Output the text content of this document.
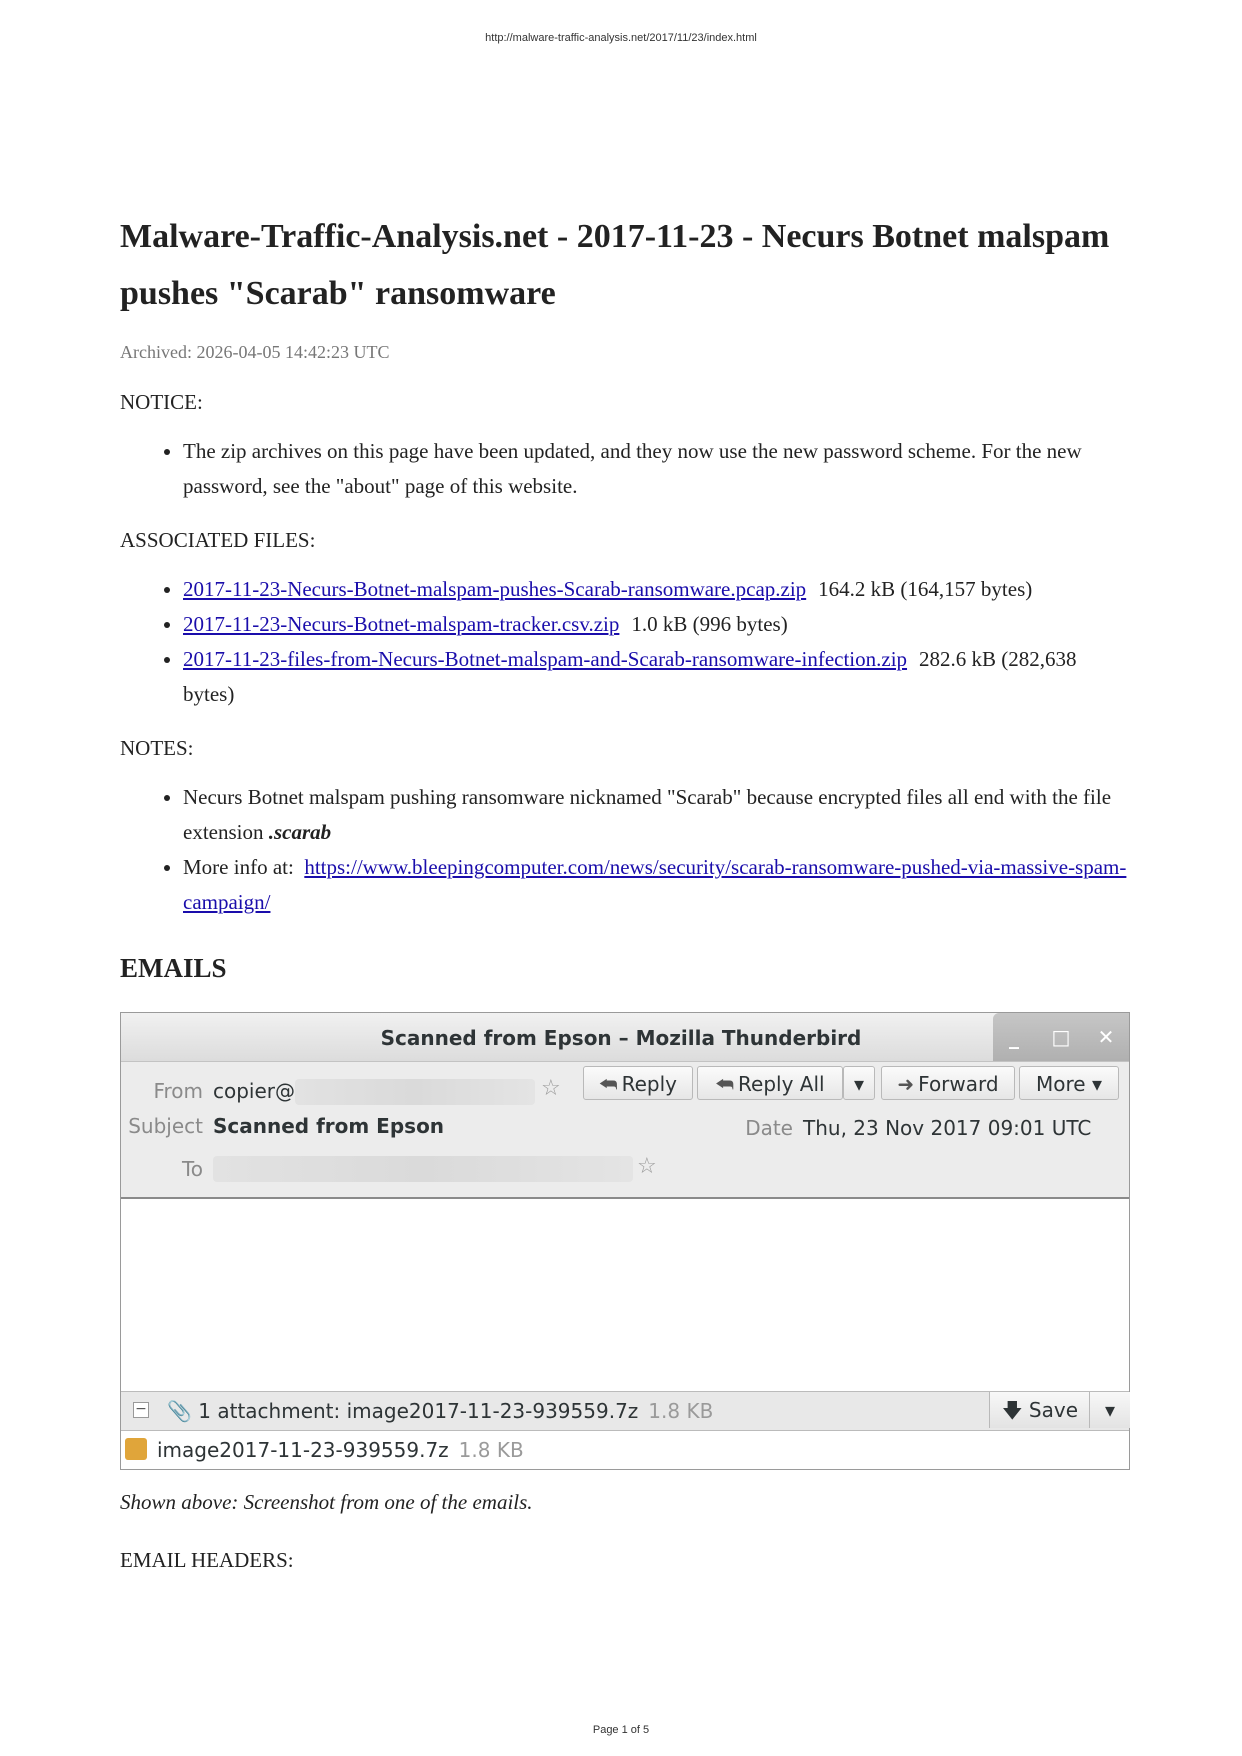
http://malware-traffic-analysis.net/2017/11/23/index.html
Malware-Traffic-Analysis.net - 2017-11-23 - Necurs Botnet malspam pushes "Scarab" ransomware
Archived: 2026-04-05 14:42:23 UTC

NOTICE:

• The zip archives on this page have been updated, and they now use the new password scheme. For the new password, see the "about" page of this website.

ASSOCIATED FILES:

• 2017-11-23-Necurs-Botnet-malspam-pushes-Scarab-ransomware.pcap.zip 164.2 kB (164,157 bytes)
• 2017-11-23-Necurs-Botnet-malspam-tracker.csv.zip 1.0 kB (996 bytes)
• 2017-11-23-files-from-Necurs-Botnet-malspam-and-Scarab-ransomware-infection.zip 282.6 kB (282,638 bytes)

NOTES:

• Necurs Botnet malspam pushing ransomware nicknamed "Scarab" because encrypted files all end with the file extension .scarab
• More info at: https://www.bleepingcomputer.com/news/security/scarab-ransomware-pushed-via-massive-spam-campaign/
EMAILS
Scanned from Epson – Mozilla Thunderbird	_	□ ✕
From copier@	☆	⮪ Reply	⮪ Reply All	▾	➜ Forward	More ▾
Subject Scanned from Epson	Date Thu, 23 Nov 2017 09:01 UTC
To	☆
− 📎 1 attachment: image2017-11-23-939559.7z 1.8 KB	🡇 Save	▾
image2017-11-23-939559.7z 1.8 KB
Shown above: Screenshot from one of the emails.

EMAIL HEADERS:

Page 1 of 5
